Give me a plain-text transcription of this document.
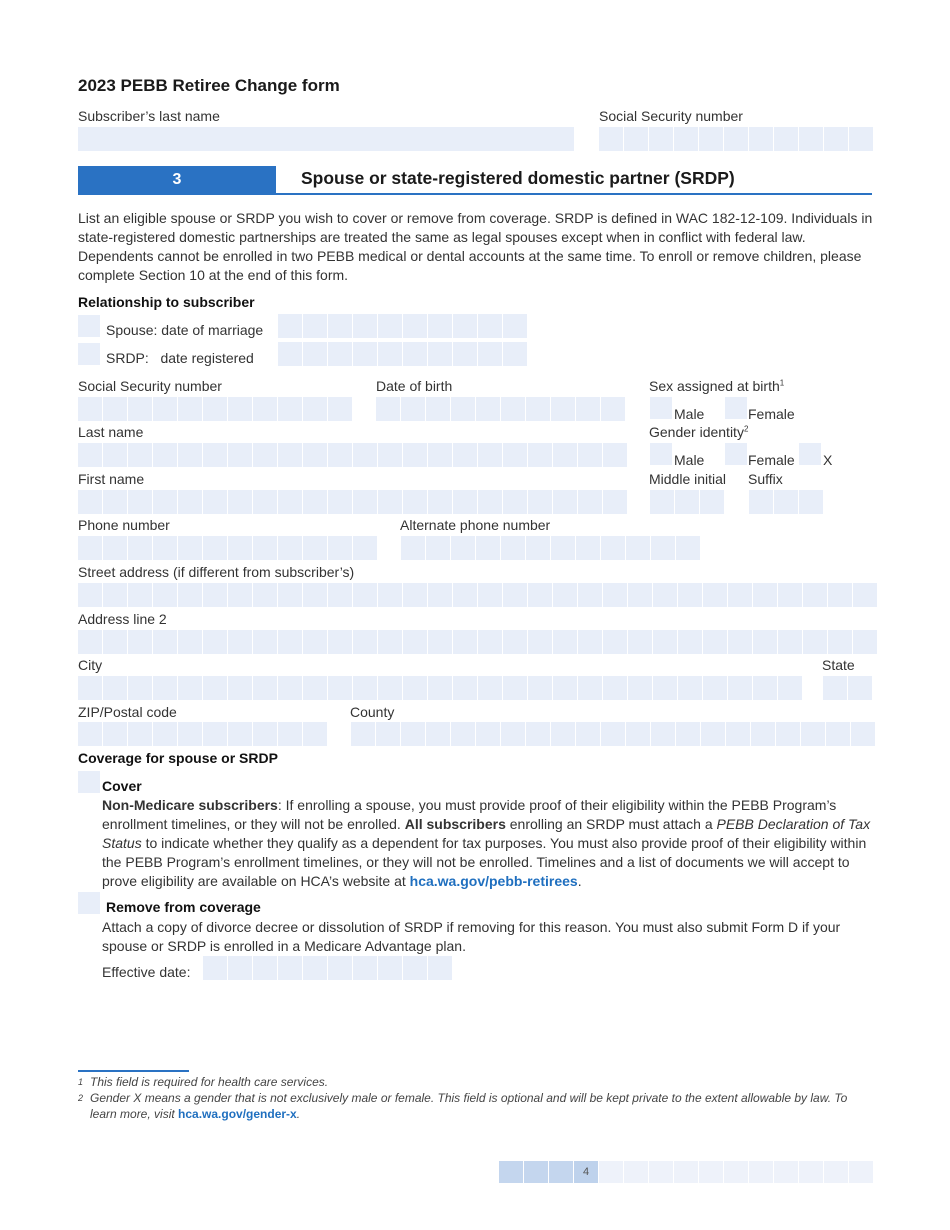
2023 PEBB Retiree Change form
Subscriber’s last name	Social Security number
3	Spouse or state-registered domestic partner (SRDP)
List an eligible spouse or SRDP you wish to cover or remove from coverage. SRDP is defined in WAC 182-12-109. Individuals in state-registered domestic partnerships are treated the same as legal spouses except when in conflict with federal law. Dependents cannot be enrolled in two PEBB medical or dental accounts at the same time. To enroll or remove children, please complete Section 10 at the end of this form.
Relationship to subscriber
Spouse: date of marriage
SRDP:   date registered
Social Security number	Date of birth	Sex assigned at birth$^1$
Male	Female
Last name	Gender identity$^2$
Male	Female X
First name	Middle initial Suffix
Phone number	Alternate phone number
Street address (if different from subscriber’s)
Address line 2
City	State
ZIP/Postal code	County
Coverage for spouse or SRDP
Cover
Non-Medicare subscribers: If enrolling a spouse, you must provide proof of their eligibility within the PEBB Program’s enrollment timelines, or they will not be enrolled. All subscribers enrolling an SRDP must attach a PEBB Declaration of Tax Status to indicate whether they qualify as a dependent for tax purposes. You must also provide proof of their eligibility within the PEBB Program’s enrollment timelines, or they will not be enrolled. Timelines and a list of documents we will accept to prove eligibility are available on HCA’s website at hca.wa.gov/pebb-retirees.
Remove from coverage
Attach a copy of divorce decree or dissolution of SRDP if removing for this reason. You must also submit Form D if your spouse or SRDP is enrolled in a Medicare Advantage plan.
Effective date:
1 This field is required for health care services.
2 Gender X means a gender that is not exclusively male or female. This field is optional and will be kept private to the extent allowable by law. To learn more, visit hca.wa.gov/gender-x.
4
